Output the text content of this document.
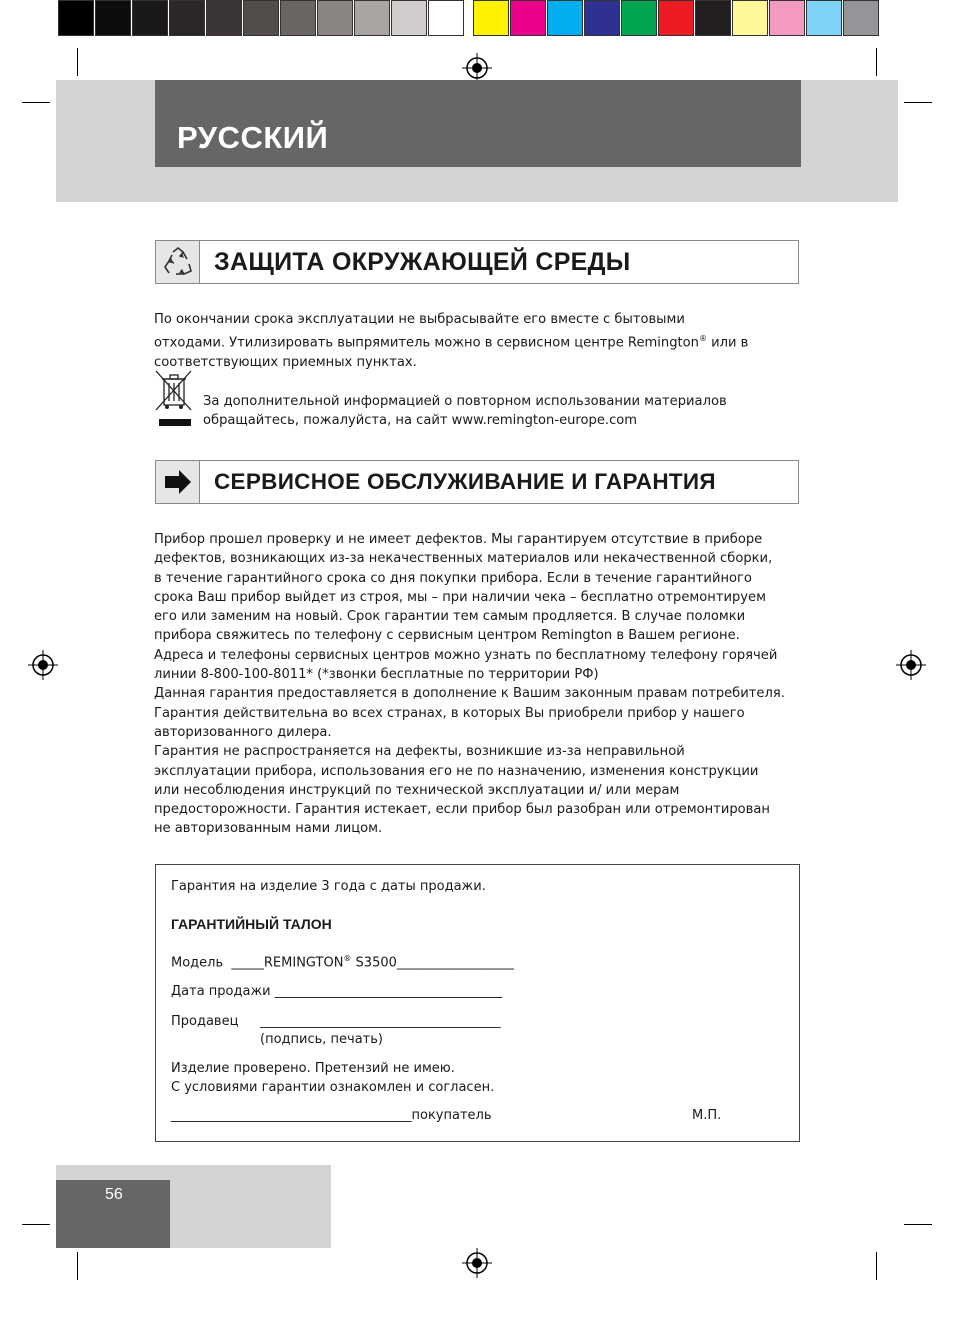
РУССКИЙ
ЗАЩИТА ОКРУЖАЮЩЕЙ СРЕДЫ

По окончании срока эксплуатации не выбрасывайте его вместе с бытовыми

отходами. Утилизировать выпрямитель можно в сервисном центре Remington® или в

соответствующих приемных пунктах.

За дополнительной информацией о повторном использовании материалов

обращайтесь, пожалуйста, на сайт www.remington-europe.com

СЕРВИСНОЕ ОБСЛУЖИВАНИЕ И ГАРАНТИЯ

Прибор прошел проверку и не имеет дефектов. Мы гарантируем отсутствие в приборе

дефектов, возникающих из-за некачественных материалов или некачественной сборки,

в течение гарантийного срока со дня покупки прибора. Если в течение гарантийного

срока Ваш прибор выйдет из строя, мы – при наличии чека – бесплатно отремонтируем

его или заменим на новый. Срок гарантии тем самым продляется. В случае поломки

прибора свяжитесь по телефону с сервисным центром Remington в Вашем регионе.

Адреса и телефоны сервисных центров можно узнать по бесплатному телефону горячей

линии 8-800-100-8011* (*звонки бесплатные по территории РФ)

Данная гарантия предоставляется в дополнение к Вашим законным правам потребителя.

Гарантия действительна во всех странах, в которых Вы приобрели прибор у нашего

авторизованного дилера.

Гарантия не распространяется на дефекты, возникшие из-за неправильной

эксплуатации прибора, использования его не по назначению, изменения конструкции

или несоблюдения инструкций по технической эксплуатации и/ или мерам

предосторожности. Гарантия истекает, если прибор был разобран или отремонтирован

не авторизованным нами лицом.

Гарантия на изделие 3 года с даты продажи.
ГАРАНТИЙНЫЙ ТАЛОН
Модель  _____REMINGTON® S3500__________________
Дата продажи ___________________________________
Продавец _____________________________________
(подпись, печать)
Изделие проверено. Претензий не имею.
С условиями гарантии ознакомлен и согласен.
_____________________________________покупатель	М.П.
56
